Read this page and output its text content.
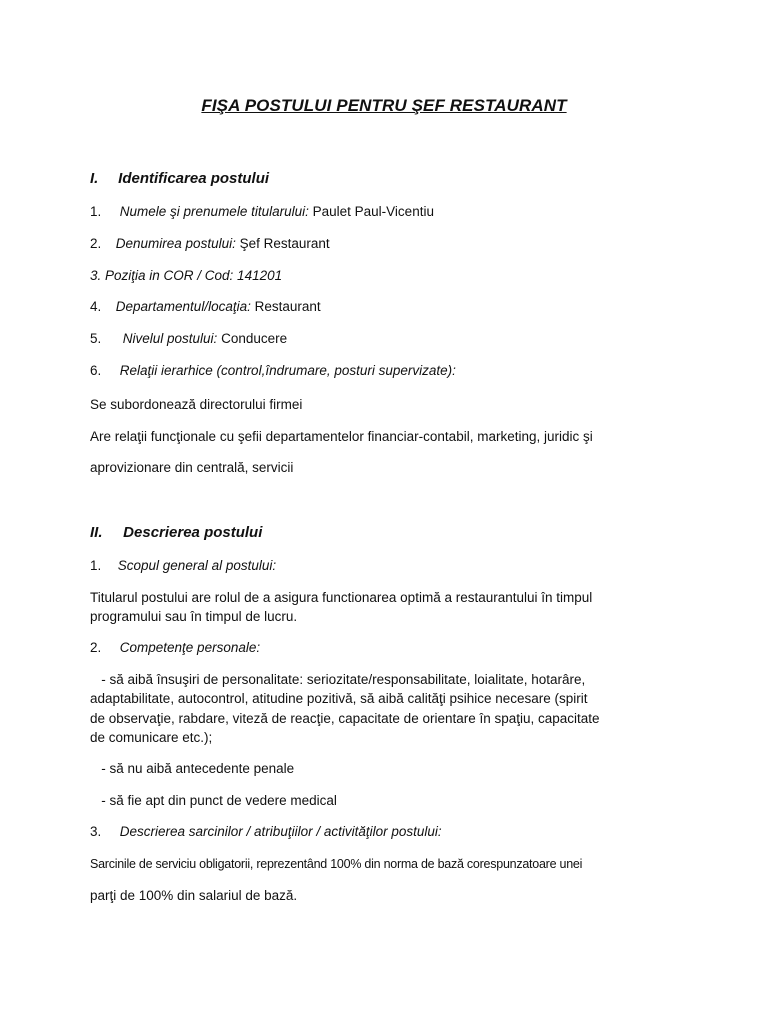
FIŞA POSTULUI PENTRU ŞEF RESTAURANT
I. Identificarea postului
1. Numele şi prenumele titularului: Paulet Paul-Vicentiu
2. Denumirea postului: Şef Restaurant
3. Poziţia in COR / Cod: 141201
4. Departamentul/locaţia: Restaurant
5. Nivelul postului: Conducere
6. Relaţii ierarhice (control,îndrumare, posturi supervizate):
Se subordonează directorului firmei
Are relaţii funcţionale cu şefii departamentelor financiar-contabil, marketing, juridic şi
aprovizionare din centrală, servicii
II. Descrierea postului
1. Scopul general al postului:
Titularul postului are rolul de a asigura functionarea optimă a restaurantului în timpul
programului sau în timpul de lucru.
2. Competenţe personale:
- să aibă însuşiri de personalitate: seriozitate/responsabilitate, loialitate, hotarâre,
adaptabilitate, autocontrol, atitudine pozitivă, să aibă calităţi psihice necesare (spirit
de observaţie, rabdare, viteză de reacţie, capacitate de orientare în spaţiu, capacitate
de comunicare etc.);
- să nu aibă antecedente penale
- să fie apt din punct de vedere medical
3. Descrierea sarcinilor / atribuţiilor / activităţilor postului:
Sarcinile de serviciu obligatorii, reprezentând 100% din norma de bază corespunzatoare unei
parţi de 100% din salariul de bază.
